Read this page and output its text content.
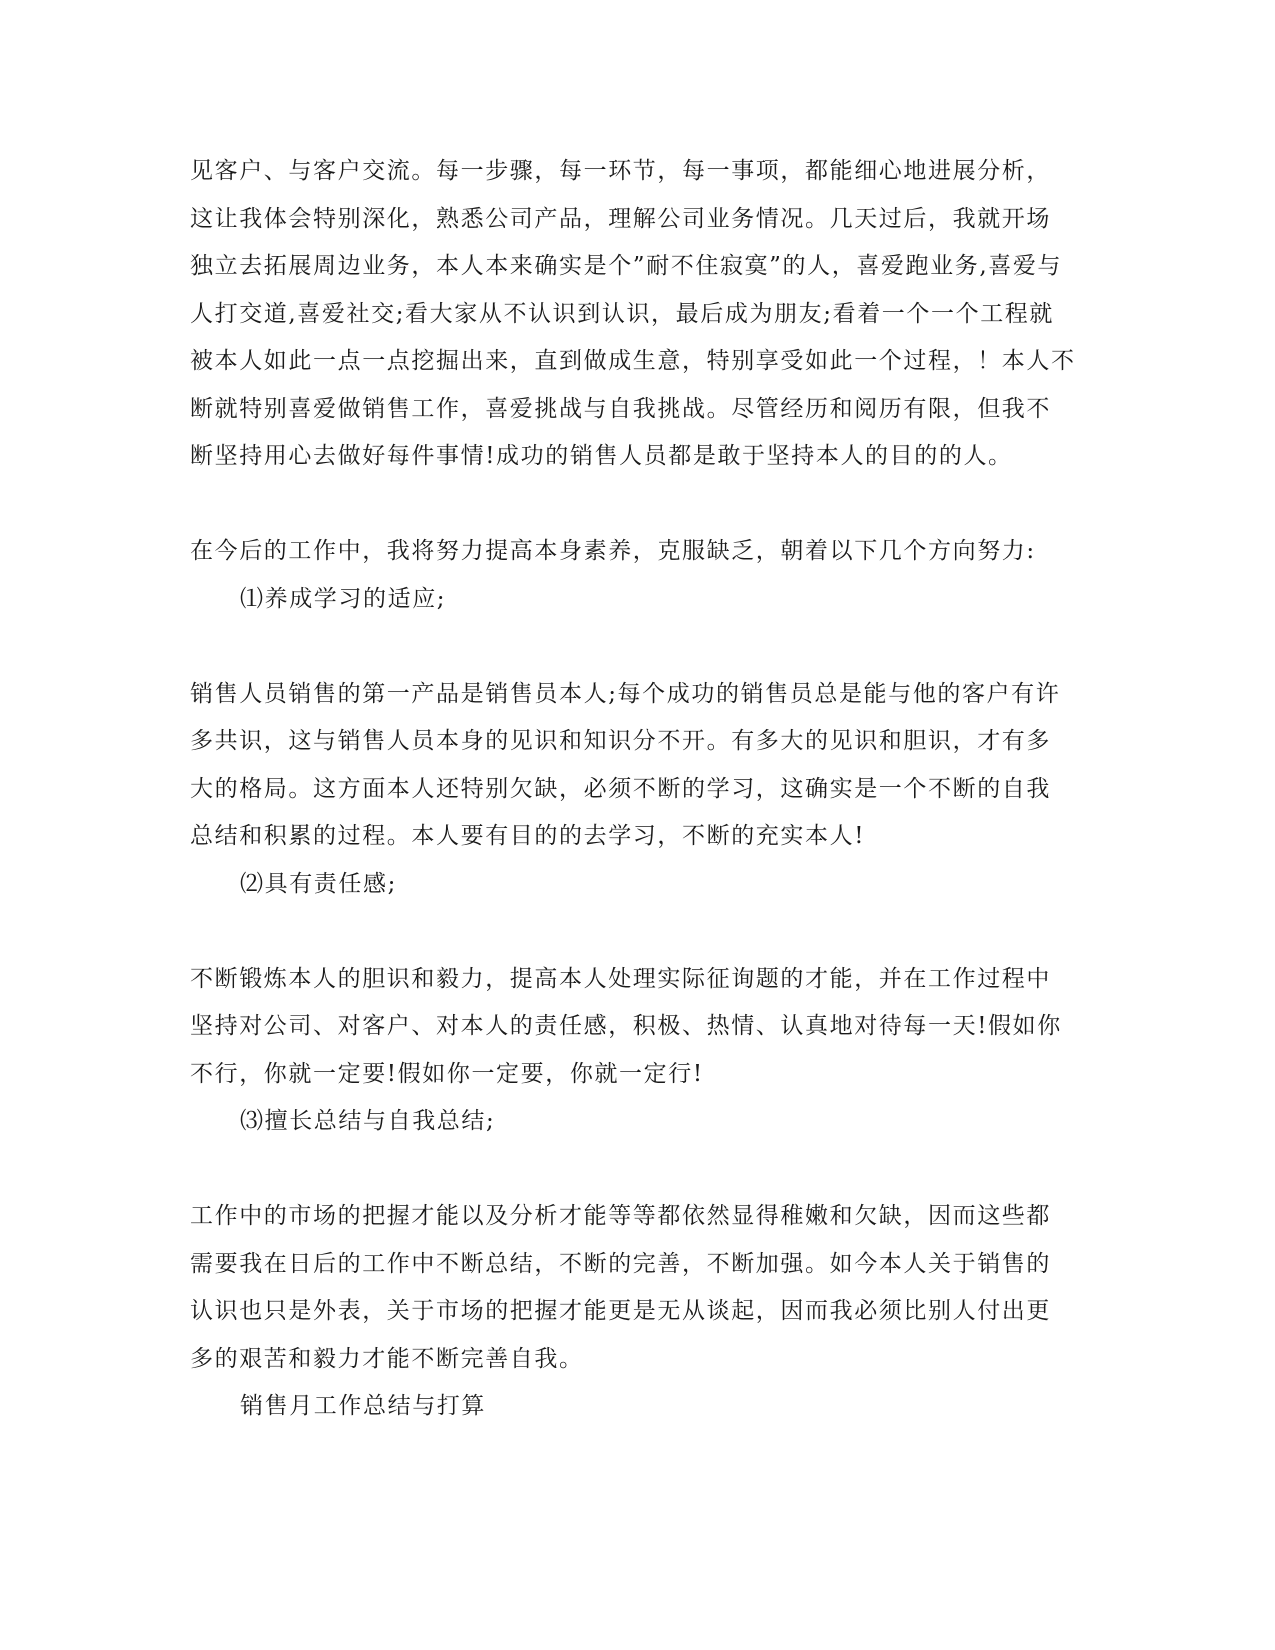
见客户、与客户交流。每一步骤，每一环节，每一事项，都能细心地进展分析，
这让我体会特别深化，熟悉公司产品，理解公司业务情况。几天过后，我就开场
独立去拓展周边业务，本人本来确实是个”耐不住寂寞”的人，喜爱跑业务,喜爱与
人打交道,喜爱社交;看大家从不认识到认识，最后成为朋友;看着一个一个工程就
被本人如此一点一点挖掘出来，直到做成生意，特别享受如此一个过程，！本人不
断就特别喜爱做销售工作，喜爱挑战与自我挑战。尽管经历和阅历有限，但我不
断坚持用心去做好每件事情!成功的销售人员都是敢于坚持本人的目的的人。
在今后的工作中，我将努力提高本身素养，克服缺乏，朝着以下几个方向努力:
⑴养成学习的适应;
销售人员销售的第一产品是销售员本人;每个成功的销售员总是能与他的客户有许
多共识，这与销售人员本身的见识和知识分不开。有多大的见识和胆识，才有多
大的格局。这方面本人还特别欠缺，必须不断的学习，这确实是一个不断的自我
总结和积累的过程。本人要有目的的去学习，不断的充实本人!
⑵具有责任感;
不断锻炼本人的胆识和毅力，提高本人处理实际征询题的才能，并在工作过程中
坚持对公司、对客户、对本人的责任感，积极、热情、认真地对待每一天!假如你
不行，你就一定要!假如你一定要，你就一定行!
⑶擅长总结与自我总结;
工作中的市场的把握才能以及分析才能等等都依然显得稚嫩和欠缺，因而这些都
需要我在日后的工作中不断总结，不断的完善，不断加强。如今本人关于销售的
认识也只是外表，关于市场的把握才能更是无从谈起，因而我必须比别人付出更
多的艰苦和毅力才能不断完善自我。
销售月工作总结与打算
